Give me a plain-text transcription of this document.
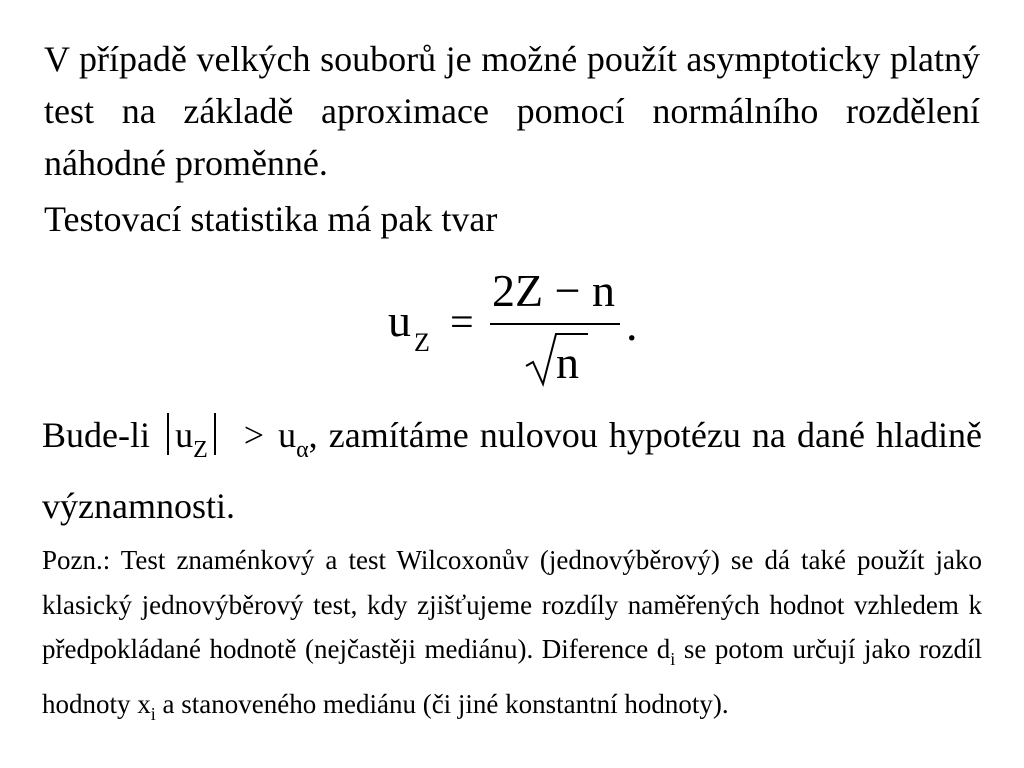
V případě velkých souborů je možné použít asymptoticky platný test na základě aproximace pomocí normálního rozdělení náhodné proměnné.

Testovací statistika má pak tvar

u Z =
2Z − n
n
.

Bude-li $u_Z > u_\alpha$, zamítáme nulovou hypotézu na dané hladině významnosti.

Pozn.: Test znaménkový a test Wilcoxonův (jednovýběrový) se dá také použít jako klasický jednovýběrový test, kdy zjišťujeme rozdíly naměřených hodnot vzhledem k předpokládané hodnotě (nejčastěji mediánu). Diference $d_i$ se potom určují jako rozdíl hodnoty $x_i$ a stanoveného mediánu (či jiné konstantní hodnoty).
